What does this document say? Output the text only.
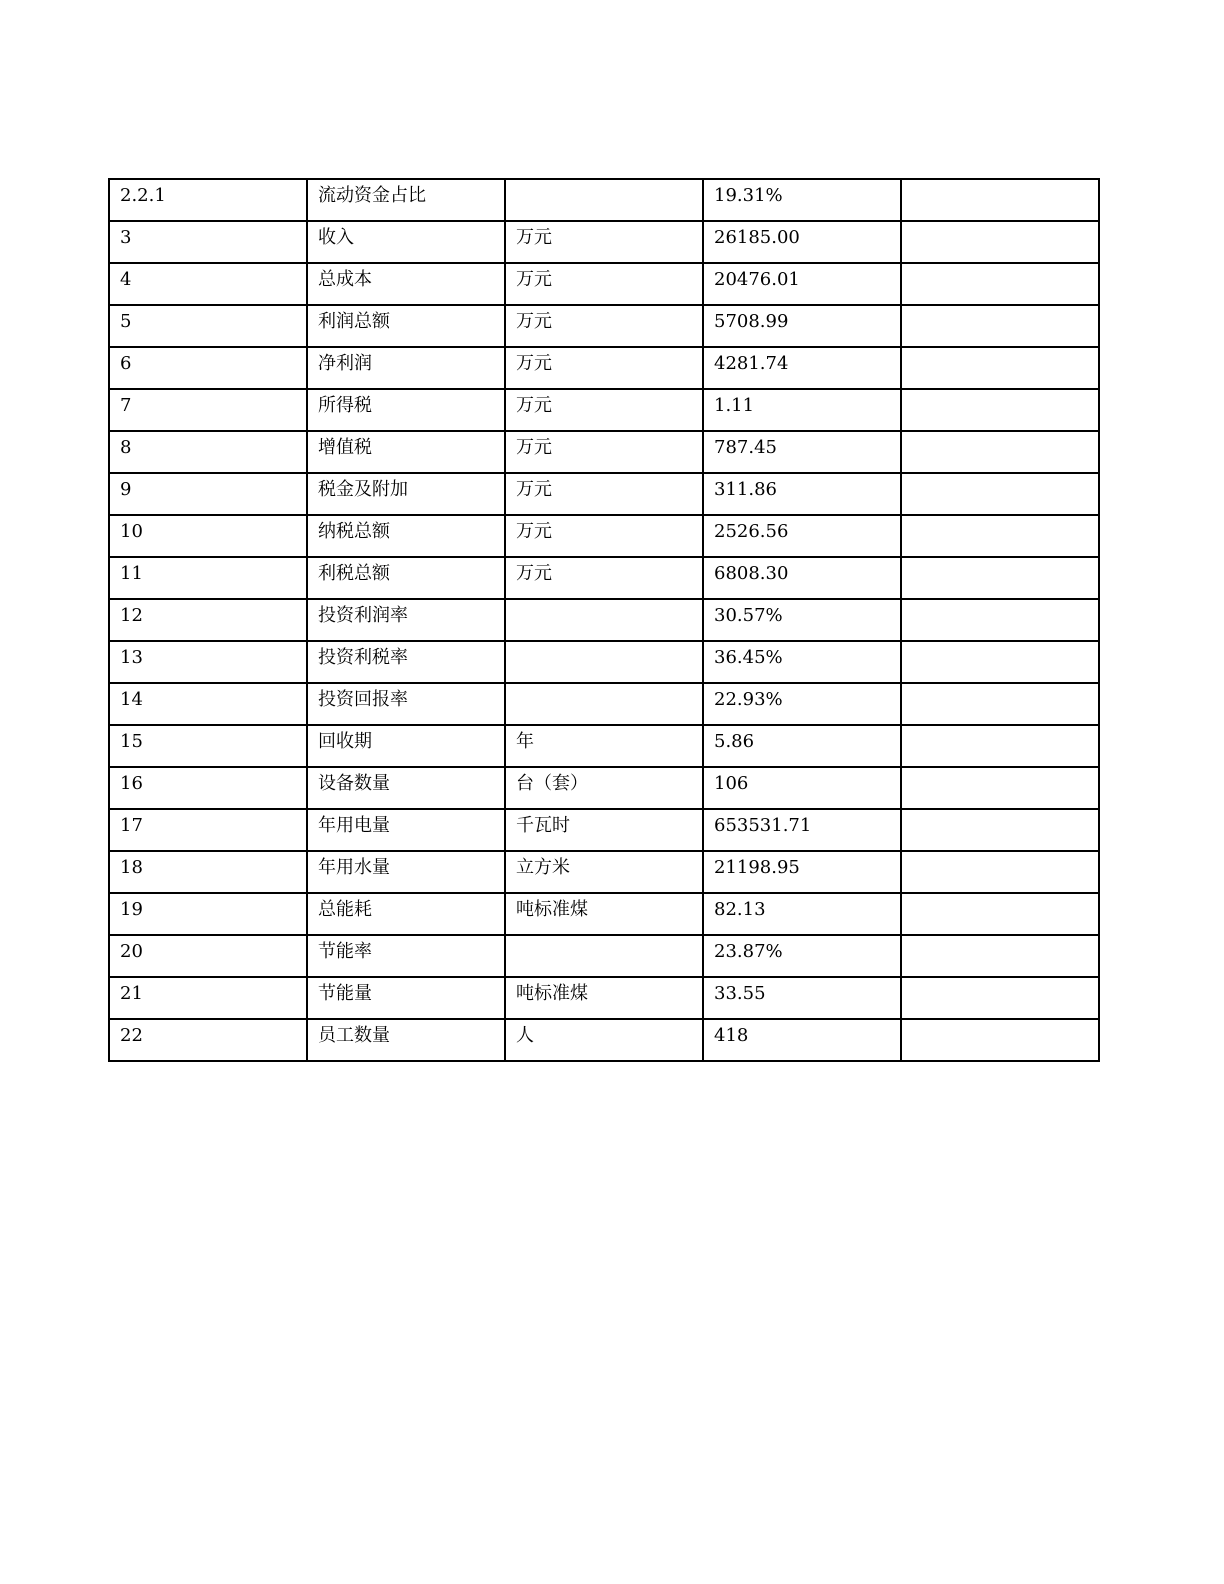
2.2.1	流动资金占比		19.31%	
3	收入	万元	26185.00	
4	总成本	万元	20476.01	
5	利润总额	万元	5708.99	
6	净利润	万元	4281.74	
7	所得税	万元	1.11	
8	增值税	万元	787.45	
9	税金及附加	万元	311.86	
10	纳税总额	万元	2526.56	
11	利税总额	万元	6808.30	
12	投资利润率		30.57%	
13	投资利税率		36.45%	
14	投资回报率		22.93%	
15	回收期	年	5.86	
16	设备数量	台（套）	106	
17	年用电量	千瓦时	653531.71	
18	年用水量	立方米	21198.95	
19	总能耗	吨标准煤	82.13	
20	节能率		23.87%	
21	节能量	吨标准煤	33.55	
22	员工数量	人	418	
